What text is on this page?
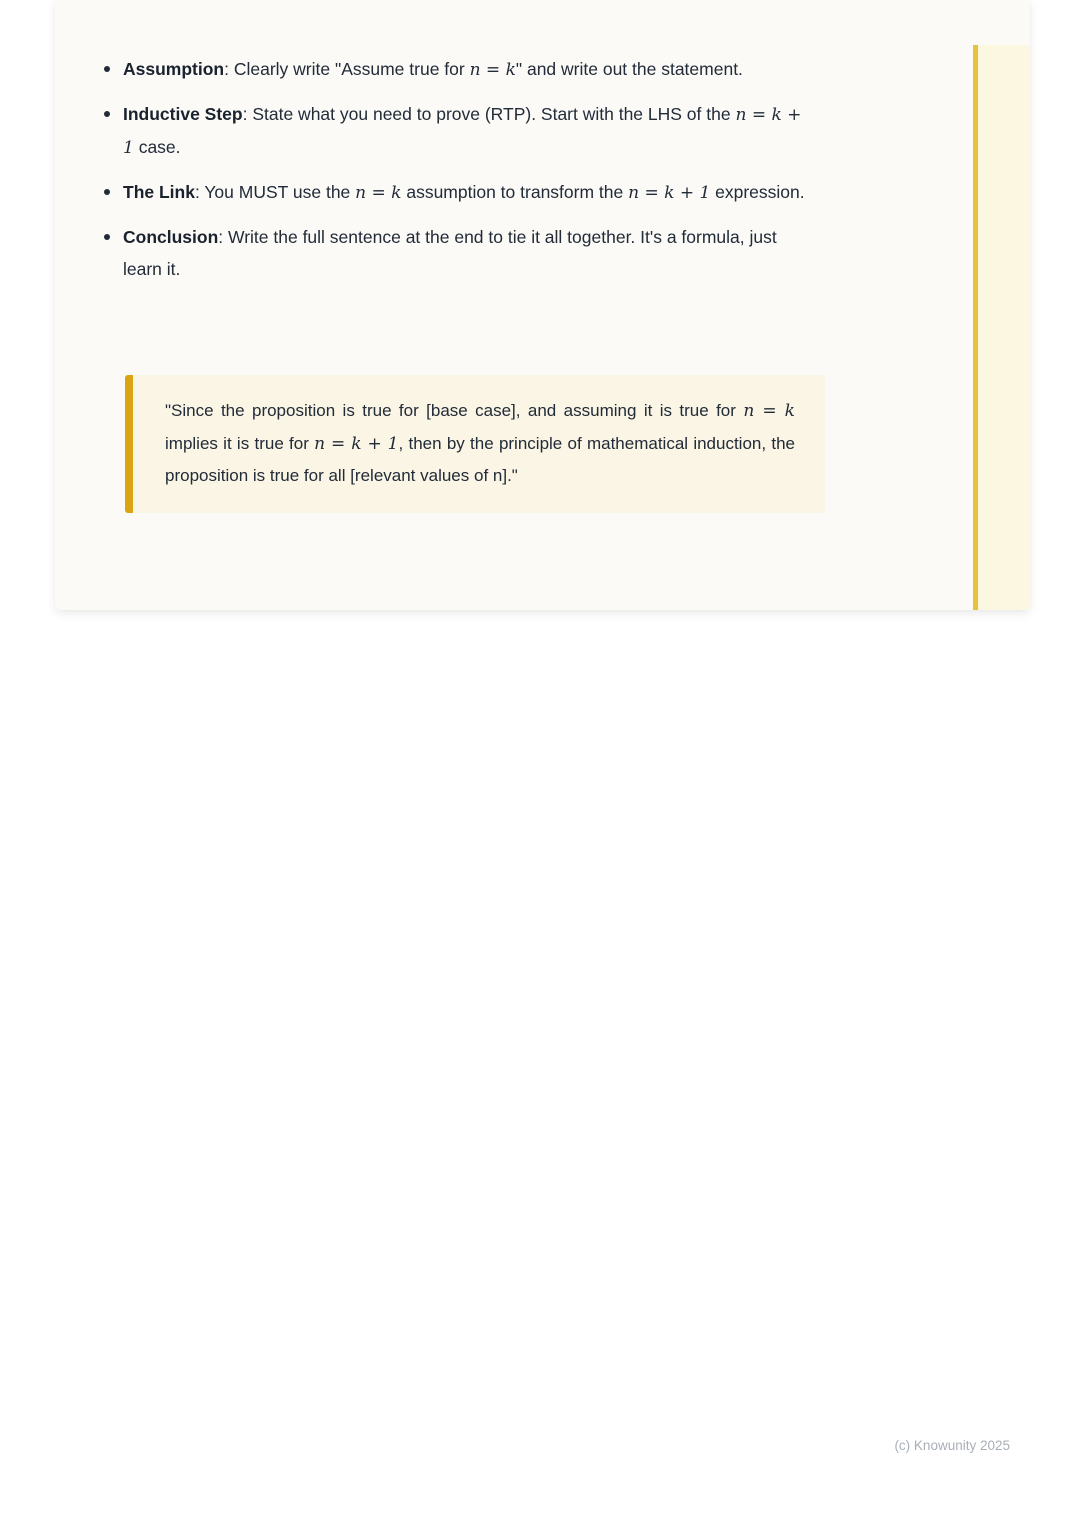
Assumption: Clearly write "Assume true for n = k" and write out the statement.
Inductive Step: State what you need to prove (RTP). Start with the LHS of the n = k + 1 case.
The Link: You MUST use the n = k assumption to transform the n = k + 1 expression.
Conclusion: Write the full sentence at the end to tie it all together. It's a formula, just learn it.
"Since the proposition is true for [base case], and assuming it is true for n = k implies it is true for n = k + 1, then by the principle of mathematical induction, the proposition is true for all [relevant values of n]."
(c) Knowunity 2025
